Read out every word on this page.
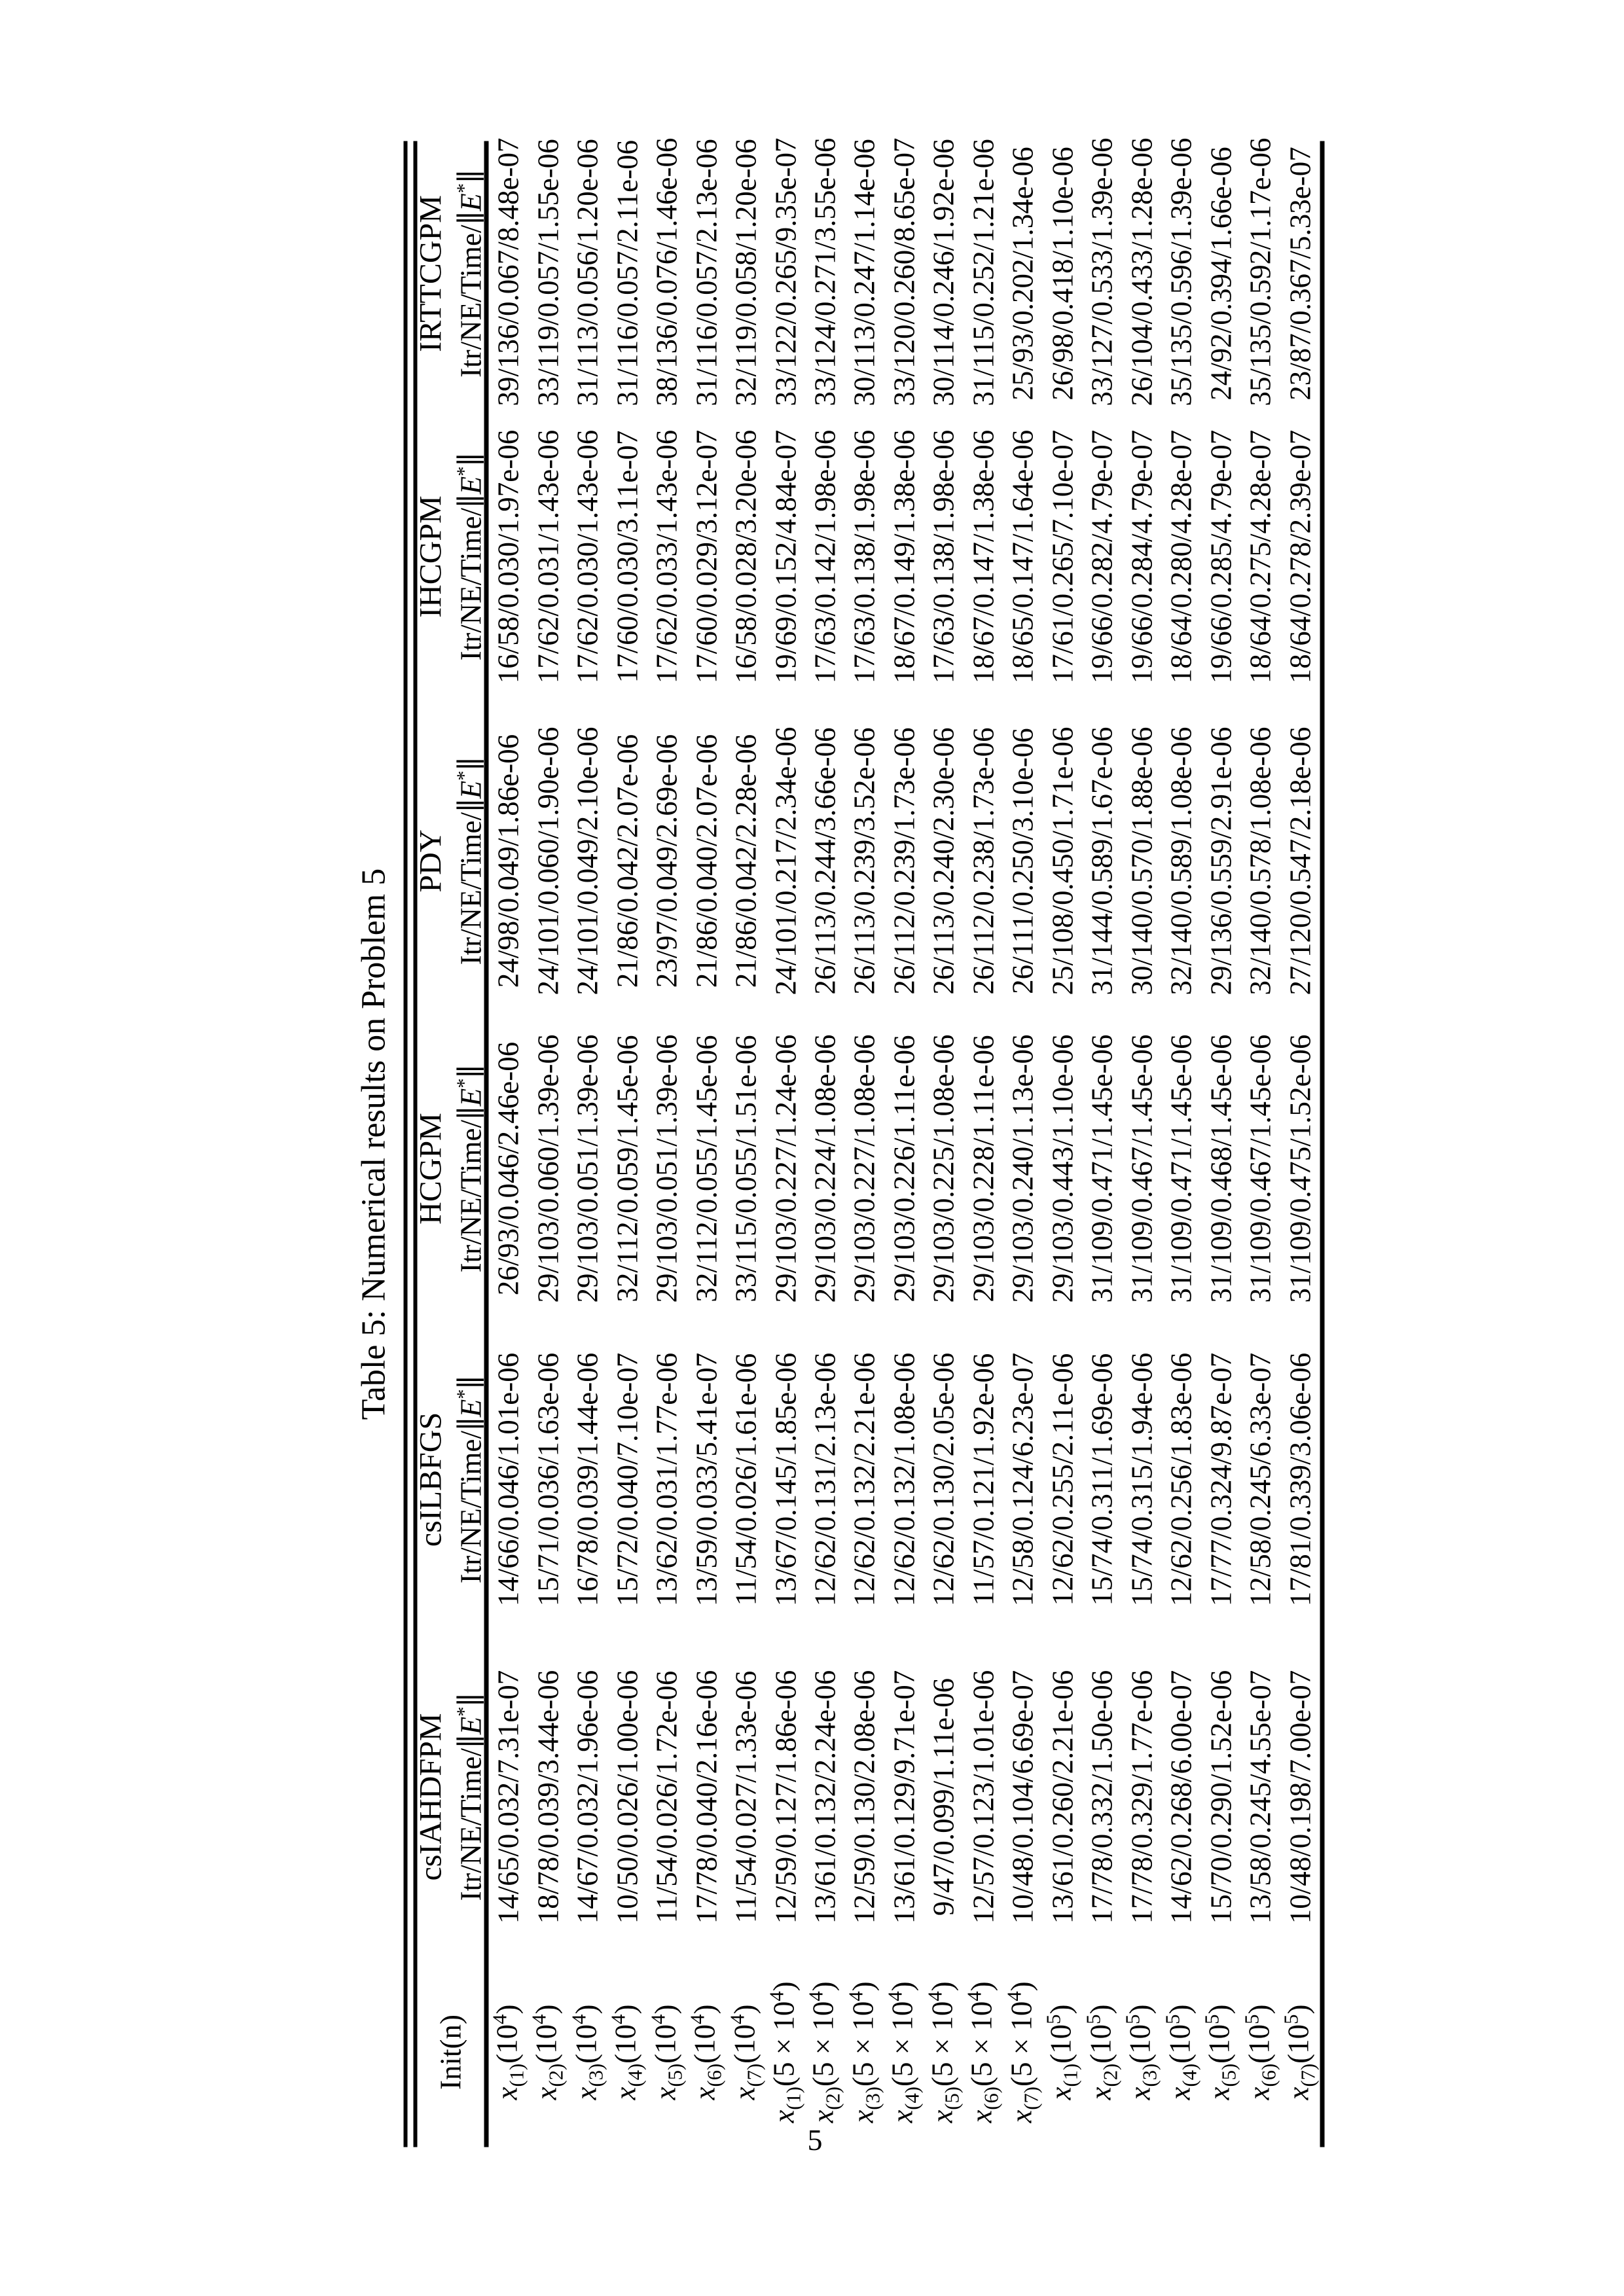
Table 5: Numerical results on Problem 5
Init(n)
csIAHDFPM Itr/NE/Time/∥E*∥
csILBFGS Itr/NE/Time/∥E*∥
HCGPM Itr/NE/Time/∥E*∥
PDY Itr/NE/Time/∥E*∥
IHCGPM Itr/NE/Time/∥E*∥
IRTTCGPM Itr/NE/Time/∥E*∥
$x_{(1)}(10^4)$
14/65/0.032/7.31e-07
14/66/0.046/1.01e-06
26/93/0.046/2.46e-06
24/98/0.049/1.86e-06
16/58/0.030/1.97e-06
39/136/0.067/8.48e-07
$x_{(2)}(10^4)$
18/78/0.039/3.44e-06
15/71/0.036/1.63e-06
29/103/0.060/1.39e-06
24/101/0.060/1.90e-06
17/62/0.031/1.43e-06
33/119/0.057/1.55e-06
$x_{(3)}(10^4)$
14/67/0.032/1.96e-06
16/78/0.039/1.44e-06
29/103/0.051/1.39e-06
24/101/0.049/2.10e-06
17/62/0.030/1.43e-06
31/113/0.056/1.20e-06
$x_{(4)}(10^4)$
10/50/0.026/1.00e-06
15/72/0.040/7.10e-07
32/112/0.059/1.45e-06
21/86/0.042/2.07e-06
17/60/0.030/3.11e-07
31/116/0.057/2.11e-06
$x_{(5)}(10^4)$
11/54/0.026/1.72e-06
13/62/0.031/1.77e-06
29/103/0.051/1.39e-06
23/97/0.049/2.69e-06
17/62/0.033/1.43e-06
38/136/0.076/1.46e-06
$x_{(6)}(10^4)$
17/78/0.040/2.16e-06
13/59/0.033/5.41e-07
32/112/0.055/1.45e-06
21/86/0.040/2.07e-06
17/60/0.029/3.12e-07
31/116/0.057/2.13e-06
$x_{(7)}(10^4)$
11/54/0.027/1.33e-06
11/54/0.026/1.61e-06
33/115/0.055/1.51e-06
21/86/0.042/2.28e-06
16/58/0.028/3.20e-06
32/119/0.058/1.20e-06
$x_{(1)}(5 \times 10^4)$
12/59/0.127/1.86e-06
13/67/0.145/1.85e-06
29/103/0.227/1.24e-06
24/101/0.217/2.34e-06
19/69/0.152/4.84e-07
33/122/0.265/9.35e-07
$x_{(2)}(5 \times 10^4)$
13/61/0.132/2.24e-06
12/62/0.131/2.13e-06
29/103/0.224/1.08e-06
26/113/0.244/3.66e-06
17/63/0.142/1.98e-06
33/124/0.271/3.55e-06
$x_{(3)}(5 \times 10^4)$
12/59/0.130/2.08e-06
12/62/0.132/2.21e-06
29/103/0.227/1.08e-06
26/113/0.239/3.52e-06
17/63/0.138/1.98e-06
30/113/0.247/1.14e-06
$x_{(4)}(5 \times 10^4)$
13/61/0.129/9.71e-07
12/62/0.132/1.08e-06
29/103/0.226/1.11e-06
26/112/0.239/1.73e-06
18/67/0.149/1.38e-06
33/120/0.260/8.65e-07
$x_{(5)}(5 \times 10^4)$
9/47/0.099/1.11e-06
12/62/0.130/2.05e-06
29/103/0.225/1.08e-06
26/113/0.240/2.30e-06
17/63/0.138/1.98e-06
30/114/0.246/1.92e-06
$x_{(6)}(5 \times 10^4)$
12/57/0.123/1.01e-06
11/57/0.121/1.92e-06
29/103/0.228/1.11e-06
26/112/0.238/1.73e-06
18/67/0.147/1.38e-06
31/115/0.252/1.21e-06
$x_{(7)}(5 \times 10^4)$
10/48/0.104/6.69e-07
12/58/0.124/6.23e-07
29/103/0.240/1.13e-06
26/111/0.250/3.10e-06
18/65/0.147/1.64e-06
25/93/0.202/1.34e-06
$x_{(1)}(10^5)$
13/61/0.260/2.21e-06
12/62/0.255/2.11e-06
29/103/0.443/1.10e-06
25/108/0.450/1.71e-06
17/61/0.265/7.10e-07
26/98/0.418/1.10e-06
$x_{(2)}(10^5)$
17/78/0.332/1.50e-06
15/74/0.311/1.69e-06
31/109/0.471/1.45e-06
31/144/0.589/1.67e-06
19/66/0.282/4.79e-07
33/127/0.533/1.39e-06
$x_{(3)}(10^5)$
17/78/0.329/1.77e-06
15/74/0.315/1.94e-06
31/109/0.467/1.45e-06
30/140/0.570/1.88e-06
19/66/0.284/4.79e-07
26/104/0.433/1.28e-06
$x_{(4)}(10^5)$
14/62/0.268/6.00e-07
12/62/0.256/1.83e-06
31/109/0.471/1.45e-06
32/140/0.589/1.08e-06
18/64/0.280/4.28e-07
35/135/0.596/1.39e-06
$x_{(5)}(10^5)$
15/70/0.290/1.52e-06
17/77/0.324/9.87e-07
31/109/0.468/1.45e-06
29/136/0.559/2.91e-06
19/66/0.285/4.79e-07
24/92/0.394/1.66e-06
$x_{(6)}(10^5)$
13/58/0.245/4.55e-07
12/58/0.245/6.33e-07
31/109/0.467/1.45e-06
32/140/0.578/1.08e-06
18/64/0.275/4.28e-07
35/135/0.592/1.17e-06
$x_{(7)}(10^5)$
10/48/0.198/7.00e-07
17/81/0.339/3.06e-06
31/109/0.475/1.52e-06
27/120/0.547/2.18e-06
18/64/0.278/2.39e-07
23/87/0.367/5.33e-07
5
